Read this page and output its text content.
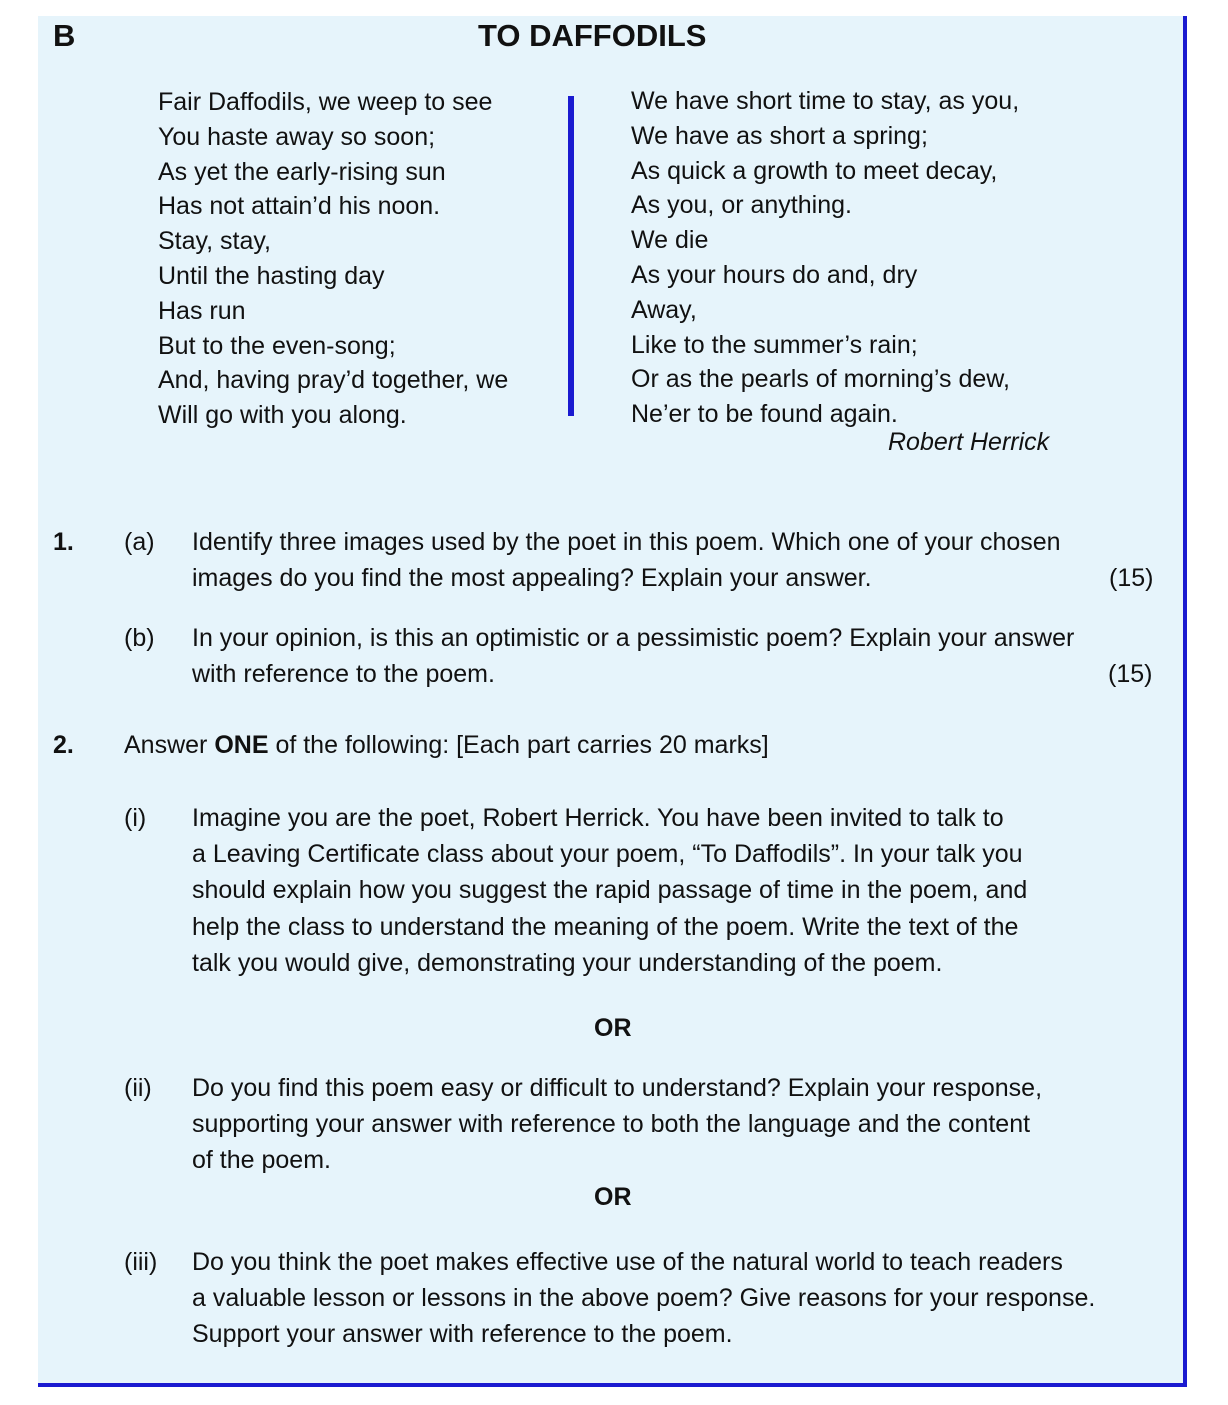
B	TO DAFFODILS
Fair Daffodils, we weep to see
You haste away so soon;
As yet the early-rising sun
Has not attain’d his noon.
Stay, stay,
Until the hasting day
Has run
But to the even-song;
And, having pray’d together, we
Will go with you along.
We have short time to stay, as you,
We have as short a spring;
As quick a growth to meet decay,
As you, or anything.
We die
As your hours do and, dry
Away,
Like to the summer’s rain;
Or as the pearls of morning’s dew,
Ne’er to be found again.
Robert Herrick
1. (a) Identify three images used by the poet in this poem. Which one of your chosen
images do you find the most appealing? Explain your answer.	(15)
(b) In your opinion, is this an optimistic or a pessimistic poem? Explain your answer
with reference to the poem.	(15)
2. Answer ONE of the following: [Each part carries 20 marks]
(i) Imagine you are the poet, Robert Herrick. You have been invited to talk to
a Leaving Certificate class about your poem, “To Daffodils”. In your talk you
should explain how you suggest the rapid passage of time in the poem, and
help the class to understand the meaning of the poem. Write the text of the
talk you would give, demonstrating your understanding of the poem.
OR
(ii) Do you find this poem easy or difficult to understand? Explain your response,
supporting your answer with reference to both the language and the content
of the poem.
OR
(iii) Do you think the poet makes effective use of the natural world to teach readers
a valuable lesson or lessons in the above poem? Give reasons for your response.
Support your answer with reference to the poem.
